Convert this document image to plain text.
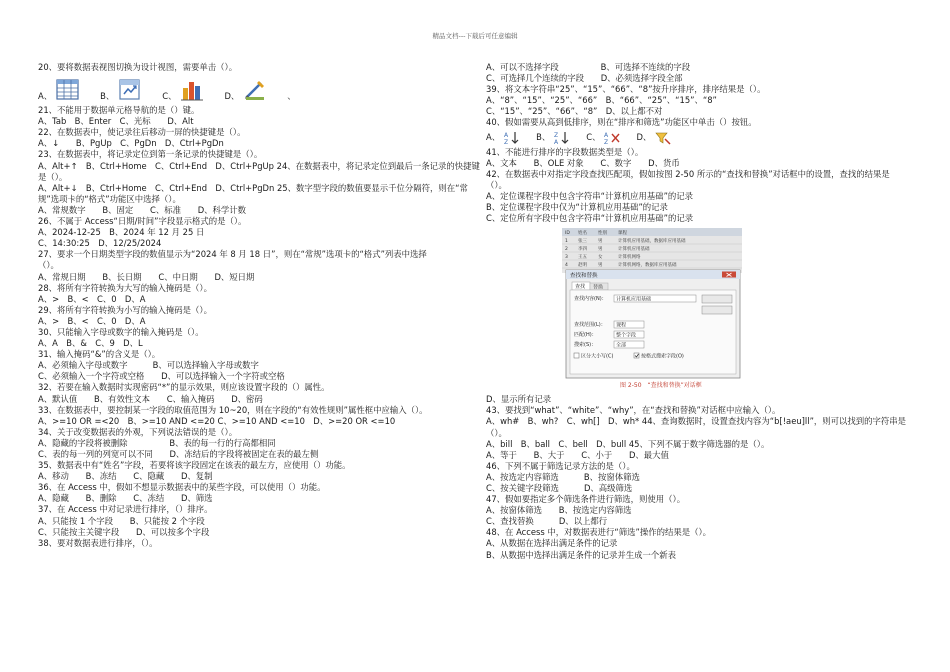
精品文档---下载后可任意编辑
20、要将数据表视图切换为设计视图，需要单击（）。
A、	B、	C、	D、	、
21、不能用于数据单元格导航的是（）键。
A、Tab　B、Enter　C、光标　　D、Alt
22、在数据表中，使记录往后移动一屏的快捷键是（）。
A、↓　　B、PgUp　C、PgDn　D、Ctrl+PgDn
23、在数据表中，将记录定位到第一条记录的快捷键是（）。
A、Alt+↑　B、Ctrl+Home　C、Ctrl+End　D、Ctrl+PgUp 24、在数据表中，将记录定位到最后一条记录的快捷键
是（）。
A、Alt+↓　B、Ctrl+Home　C、Ctrl+End　D、Ctrl+PgDn 25、数字型字段的数值要显示千位分隔符，则在“常
规”选项卡的“格式”功能区中选择（）。
A、常规数字　　B、固定　　C、标准　　D、科学计数
26、不属于 Access“日期/时间”字段显示格式的是（）。
A、2024-12-25　B、2024 年 12 月 25 日
C、14:30:25　D、12/25/2024
27、要求一个日期类型字段的数值显示为“2024 年 8 月 18 日”，则在“常规”选项卡的“格式”列表中选择
（）。
A、常规日期　　B、长日期　　C、中日期　　D、短日期
28、将所有字符转换为大写的输入掩码是（）。
A、>　B、<　C、0　D、A
29、将所有字符转换为小写的输入掩码是（）。
A、>　B、<　C、0　D、A
30、只能输入字母或数字的输入掩码是（）。
A、A　B、&　C、9　D、L
31、输入掩码“&”的含义是（）。
A、必须输入字母或数字　　　B、可以选择输入字母或数字
C、必须输入一个字符或空格　　D、可以选择输入一个字符或空格
32、若要在输入数据时实现密码“*”的显示效果，则应该设置字段的（）属性。
A、默认值　　B、有效性文本　　C、输入掩码　　D、密码
33、在数据表中，要控制某一字段的取值范围为 10~20，则在字段的“有效性规则”属性框中应输入（）。
A、>=10 OR =<20　B、>=10 AND <=20 C、>=10 AND <=10　D、>=20 OR <=10
34、关于改变数据表的外观，下列说法错误的是（）。
A、隐藏的字段将被删除　　　　　B、表的每一行的行高都相同
C、表的每一列的列宽可以不同　　D、冻结后的字段将被固定在表的最左侧
35、数据表中有“姓名”字段，若要将该字段固定在该表的最左方，应使用（）功能。
A、移动　　B、冻结　　C、隐藏　　D、复制
36、在 Access 中，假如不想显示数据表中的某些字段，可以使用（）功能。
A、隐藏　　B、删除　　C、冻结　　D、筛选
37、在 Access 中对记录进行排序，（）排序。
A、只能按 1 个字段　　B、只能按 2 个字段
C、只能按主关键字段　　D、可以按多个字段
38、要对数据表进行排序，（）。
A、可以不选择字段　　　　　B、可选择不连续的字段
C、可选择几个连续的字段　　D、必须选择字段全部
39、将文本字符串“25”、“15”、“66”、“8”按升序排序，排序结果是（）。
A、“8”、“15”、“25”、“66”　B、“66”、“25”、“15”、“8”
C、“15”、“25”、“66”、“8”　D、以上都不对
40、假如需要从高到低排序，则在“排序和筛选”功能区中单击（）按钮。
A、 A
Z
B、 Z
A
C、 A
Z
D、
41、不能进行排序的字段数据类型是（）。
A、文本　　B、OLE 对象　　C、数字　　D、货币
42、在数据表中对指定字段查找匹配项，假如按图 2-50 所示的“查找和替换”对话框中的设置，查找的结果是
（）。
A、定位课程字段中包含字符串“计算机应用基础”的记录
B、定位课程字段中仅为“计算机应用基础”的记录
C、定位所有字段中包含字符串“计算机应用基础”的记录
ID 姓名 性别 课程
1 张三 男	计算机应用基础，数据库应用基础
2 李四 男	计算机应用基础
3 王五 女	计算机网络
4 赵明 男	计算机网络，数据库应用基础
查找和替换
查找 替换
查找内容(N)： 计算机应用基础
查找范围(L)： 课程
匹配(H)：	整个字段
搜索(S)：	全部
区分大小写(C)	按格式搜索字段(O)
图 2-50　“查找和替换”对话框
D、显示所有记录
43、要找到“what”、“white”、“why”，在“查找和替换”对话框中应输入（）。
A、wh#　B、wh?　C、wh[]　D、wh* 44、查询数据时，设置查找内容为“b[!aeu]ll”，则可以找到的字符串是
（）。
A、bill　B、ball　C、bell　D、bull 45、下列不属于数字筛选器的是（）。
A、等于　　B、大于　　C、小于　　D、最大值
46、下列不属于筛选记录方法的是（）。
A、按选定内容筛选　　　B、按窗体筛选
C、按关键字段筛选　　　D、高级筛选
47、假如要指定多个筛选条件进行筛选，则使用（）。
A、按窗体筛选　　B、按选定内容筛选
C、查找替换　　　D、以上都行
48、在 Access 中，对数据表进行“筛选”操作的结果是（）。
A、从数据在选择出满足条件的记录
B、从数据中选择出满足条件的记录并生成一个新表
